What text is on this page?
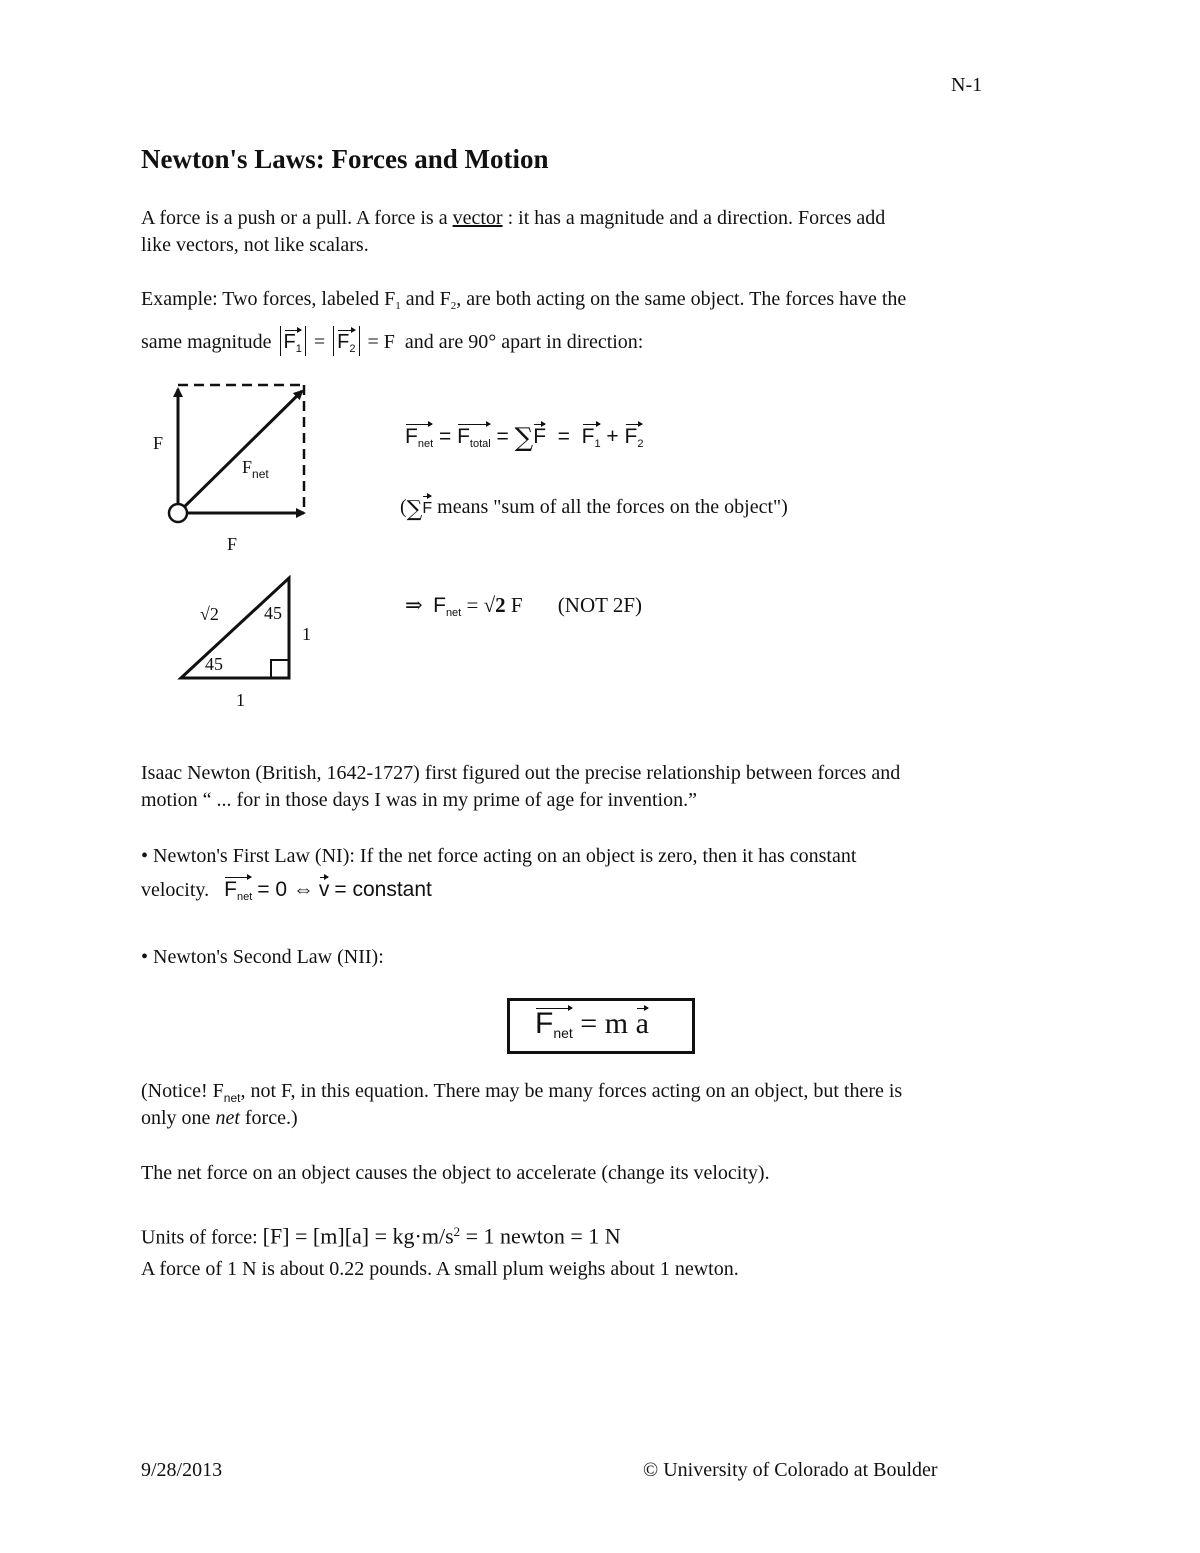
N-1
Newton's Laws: Forces and Motion
A force is a push or a pull. A force is a vector : it has a magnitude and a direction. Forces add
like vectors, not like scalars.
Example: Two forces, labeled $F_1$ and $F_2$, are both acting on the same object. The forces have the
same magnitude $F_1 = F_2 = F$ and are 90° apart in direction:
F
F
$F_{net}$
√2	45
45
1
1
$F_{net} = F_{total} = \sum F = F_1 + F_2$
(∑F means "sum of all the forces on the object")
⇒ $F_{net} = √2$ F (NOT 2F)
Isaac Newton (British, 1642-1727) first figured out the precise relationship between forces and
motion “ ... for in those days I was in my prime of age for invention.”
• Newton's First Law (NI): If the net force acting on an object is zero, then it has constant
velocity. $F_{net} = 0$ ⇔ v = constant
• Newton's Second Law (NII):
Fnet = m a
(Notice! $F_{net}$, not F, in this equation. There may be many forces acting on an object, but there is
only one net force.)
The net force on an object causes the object to accelerate (change its velocity).
Units of force: $[F] = [m][a] = kg\cdot m/s^2 = 1$ newton = 1 N
A force of 1 N is about 0.22 pounds. A small plum weighs about 1 newton.
9/28/2013	© University of Colorado at Boulder
